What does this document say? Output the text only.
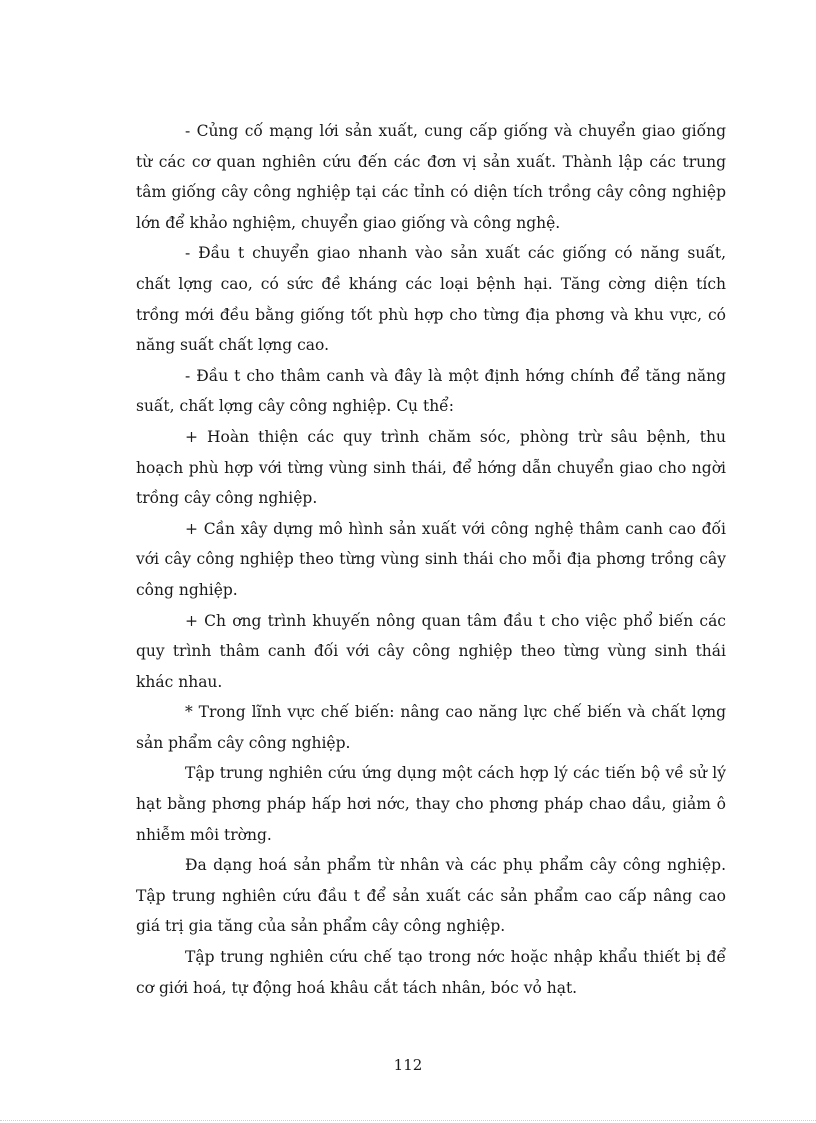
- Củng cố mạng lới sản xuất, cung cấp giống và chuyển giao giống từ các cơ quan nghiên cứu đến các đơn vị sản xuất. Thành lập các trung tâm giống cây công nghiệp tại các tỉnh có diện tích trồng cây công nghiệp lớn để khảo nghiệm, chuyển giao giống và công nghệ.

- Đầu t chuyển giao nhanh vào sản xuất các giống có năng suất, chất lợng cao, có sức đề kháng các loại bệnh hại. Tăng cờng diện tích trồng mới đều bằng giống tốt phù hợp cho từng địa phơng và khu vực, có năng suất chất lợng cao.

- Đầu t cho thâm canh và đây là một định hớng chính để tăng năng suất, chất lợng cây công nghiệp. Cụ thể:

+ Hoàn thiện các quy trình chăm sóc, phòng trừ sâu bệnh, thu hoạch phù hợp với từng vùng sinh thái, để hớng dẫn chuyển giao cho ngời trồng cây công nghiệp.

+ Cần xây dựng mô hình sản xuất với công nghệ thâm canh cao đối với cây công nghiệp theo từng vùng sinh thái cho mỗi địa phơng trồng cây công nghiệp.

+ Ch ơng trình khuyến nông quan tâm đầu t cho việc phổ biến các quy trình thâm canh đối với cây công nghiệp theo từng vùng sinh thái khác nhau.

* Trong lĩnh vực chế biến: nâng cao năng lực chế biến và chất lợng sản phẩm cây công nghiệp.

Tập trung nghiên cứu ứng dụng một cách hợp lý các tiến bộ về sử lý hạt bằng phơng pháp hấp hơi nớc, thay cho phơng pháp chao dầu, giảm ô nhiễm môi trờng.

Đa dạng hoá sản phẩm từ nhân và các phụ phẩm cây công nghiệp. Tập trung nghiên cứu đầu t để sản xuất các sản phẩm cao cấp nâng cao giá trị gia tăng của sản phẩm cây công nghiệp.

Tập trung nghiên cứu chế tạo trong nớc hoặc nhập khẩu thiết bị để cơ giới hoá, tự động hoá khâu cắt tách nhân, bóc vỏ hạt.

112
